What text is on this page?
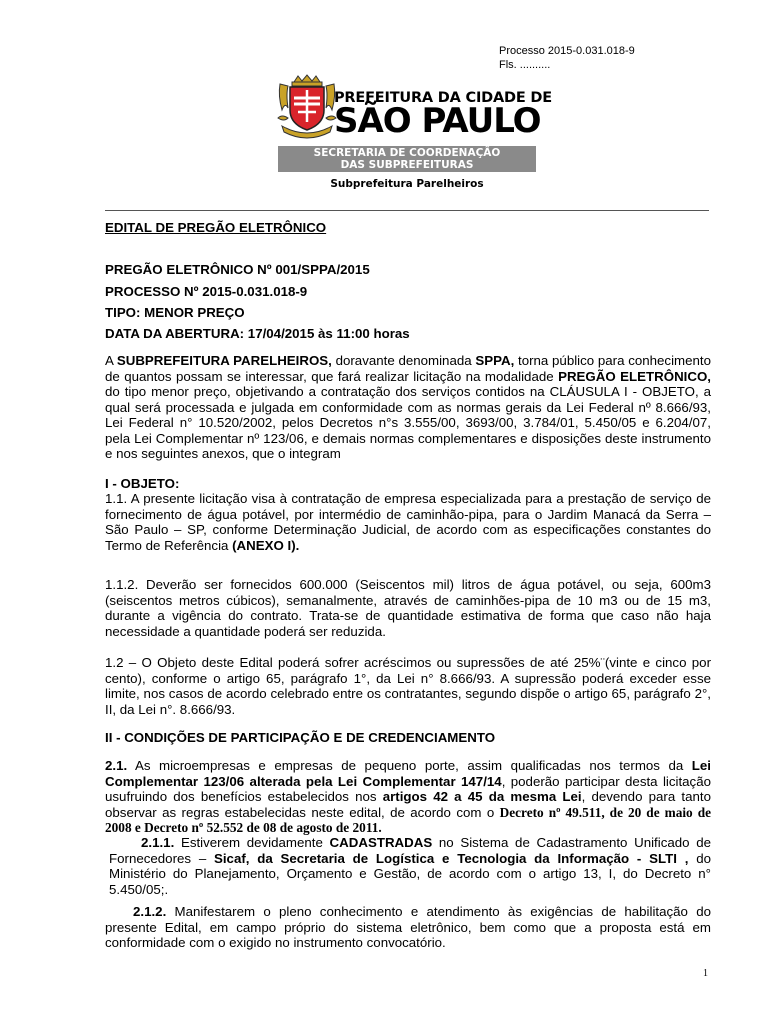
Processo 2015-0.031.018-9
Fls. ..........
PREFEITURA DA CIDADE DE
SÃO PAULO
SECRETARIA DE COORDENAÇÃO
DAS SUBPREFEITURAS
Subprefeitura Parelheiros
EDITAL DE PREGÃO ELETRÔNICO
PREGÃO ELETRÔNICO Nº 001/SPPA/2015
PROCESSO Nº 2015-0.031.018-9
TIPO: MENOR PREÇO
DATA DA ABERTURA: 17/04/2015 às 11:00 horas
A SUBPREFEITURA PARELHEIROS, doravante denominada SPPA, torna público para conhecimento de quantos possam se interessar, que fará realizar licitação na modalidade PREGÃO ELETRÔNICO, do tipo menor preço, objetivando a contratação dos serviços contidos na CLÁUSULA I - OBJETO, a qual será processada e julgada em conformidade com as normas gerais da Lei Federal nº 8.666/93, Lei Federal n° 10.520/2002, pelos Decretos n°s 3.555/00, 3693/00, 3.784/01, 5.450/05 e 6.204/07, pela Lei Complementar nº 123/06, e demais normas complementares e disposições deste instrumento e nos seguintes anexos, que o integram
I - OBJETO:
1.1. A presente licitação visa à contratação de empresa especializada para a prestação de serviço de fornecimento de água potável, por intermédio de caminhão-pipa, para o Jardim Manacá da Serra – São Paulo – SP, conforme Determinação Judicial, de acordo com as especificações constantes do Termo de Referência (ANEXO I).
1.1.2. Deverão ser fornecidos 600.000 (Seiscentos mil) litros de água potável, ou seja, 600m3 (seiscentos metros cúbicos), semanalmente, através de caminhões-pipa de 10 m3 ou de 15 m3, durante a vigência do contrato. Trata-se de quantidade estimativa de forma que caso não haja necessidade a quantidade poderá ser reduzida.
1.2 – O Objeto deste Edital poderá sofrer acréscimos ou supressões de até 25%¨(vinte e cinco por cento), conforme o artigo 65, parágrafo 1°, da Lei n° 8.666/93. A supressão poderá exceder esse limite, nos casos de acordo celebrado entre os contratantes, segundo dispõe o artigo 65, parágrafo 2°, II, da Lei n°. 8.666/93.
II - CONDIÇÕES DE PARTICIPAÇÃO E DE CREDENCIAMENTO
2.1. As microempresas e empresas de pequeno porte, assim qualificadas nos termos da Lei Complementar 123/06 alterada pela Lei Complementar 147/14, poderão participar desta licitação usufruindo dos benefícios estabelecidos nos artigos 42 a 45 da mesma Lei, devendo para tanto observar as regras estabelecidas neste edital, de acordo com o Decreto nº 49.511, de 20 de maio de 2008 e Decreto nº 52.552 de 08 de agosto de 2011.
2.1.1. Estiverem devidamente CADASTRADAS no Sistema de Cadastramento Unificado de Fornecedores – Sicaf, da Secretaria de Logística e Tecnologia da Informação - SLTI , do Ministério do Planejamento, Orçamento e Gestão, de acordo com o artigo 13, I, do Decreto n° 5.450/05;.
2.1.2. Manifestarem o pleno conhecimento e atendimento às exigências de habilitação do presente Edital, em campo próprio do sistema eletrônico, bem como que a proposta está em conformidade com o exigido no instrumento convocatório.
1
